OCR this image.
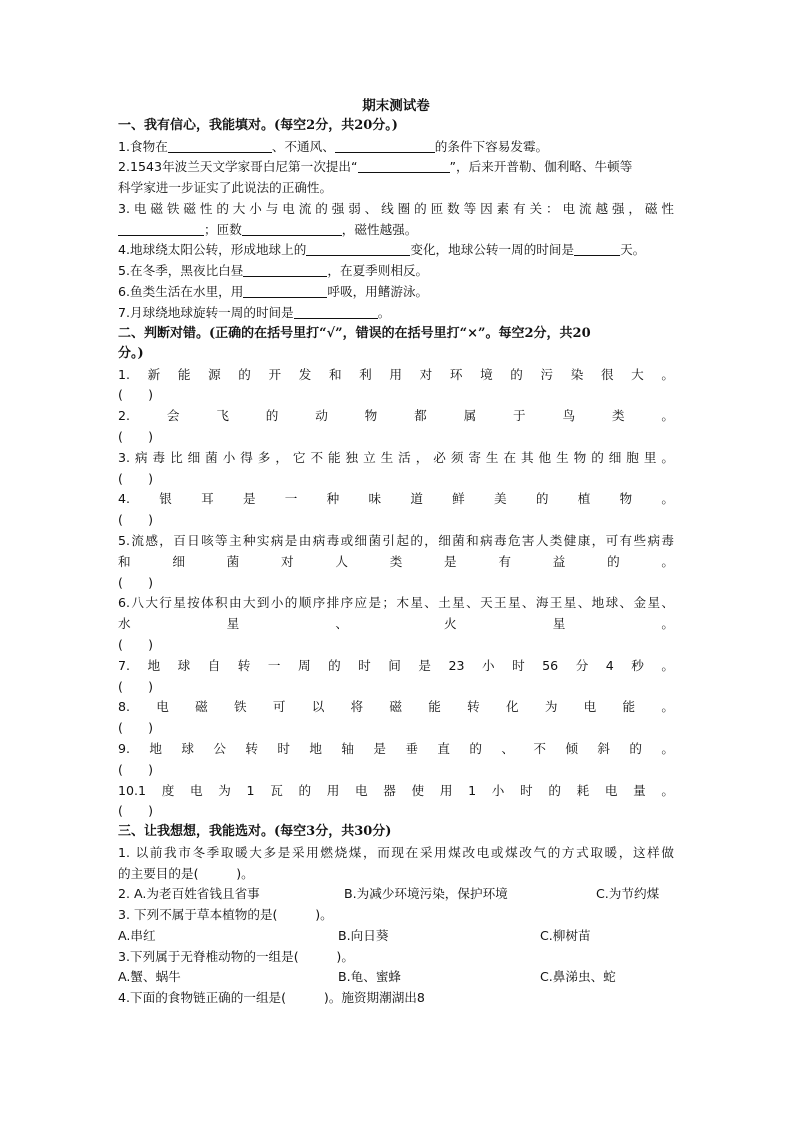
期末测试卷
一、我有信心，我能填对。(每空2分，共20分。)
1.食物在	、不通风、	的条件下容易发霉。
2.1543年波兰天文学家哥白尼第一次提出“	”，后来开普勒、伽利略、牛顿等
科学家进一步证实了此说法的正确性。
3.电磁铁磁性的大小与电流的强弱、线圈的匝数等因素有关：电流越强，磁性
；匝数	，磁性越强。
4.地球绕太阳公转，形成地球上的	变化，地球公转一周的时间是	天。
5.在冬季，黑夜比白昼	，在夏季则相反。
6.鱼类生活在水里，用	呼吸，用鳍游泳。
7.月球绕地球旋转一周的时间是	。
二、判断对错。(正确的在括号里打“√”，错误的在括号里打“×”。每空2分，共20
分。)
1.新能源的开发和利用对环境的污染很大。
(　　)
2.会飞的动物都属于鸟类。
(　　)
3.病毒比细菌小得多，它不能独立生活，必须寄生在其他生物的细胞里。
(　　)
4.银耳是一种味道鲜美的植物。
(　　)
5.流感，百日咳等主种实病是由病毒或细菌引起的，细菌和病毒危害人类健康，可有些病毒
和细菌对人类是有益的。
(　　)
6.八大行星按体积由大到小的顺序排序应是；木星、土星、天王星、海王星、地球、金星、
水星、火星。
(　　)
7.地球自转一周的时间是23小时56分4秒。
(　　)
8.电磁铁可以将磁能转化为电能。
(　　)
9.地球公转时地轴是垂直的、不倾斜的。
(　　)
10.1度电为1瓦的用电器使用1小时的耗电量。
(　　)
三、让我想想，我能选对。(每空3分，共30分)
1. 以前我市冬季取暖大多是采用燃烧煤，而现在采用煤改电或煤改气的方式取暖，这样做
的主要目的是(　　　)。
2. A.为老百姓省钱且省事	B.为减少环境污染，保护环境	C.为节约煤
3. 下列不属于草本植物的是(　　　)。
A.串红	B.向日葵	C.柳树苗
3.下列属于无脊椎动物的一组是(　　　)。
A.蟹、蜗牛	B.龟、蜜蜂	C.鼻涕虫、蛇
4.下面的食物链正确的一组是(　　　)。施资期潮湖出8
